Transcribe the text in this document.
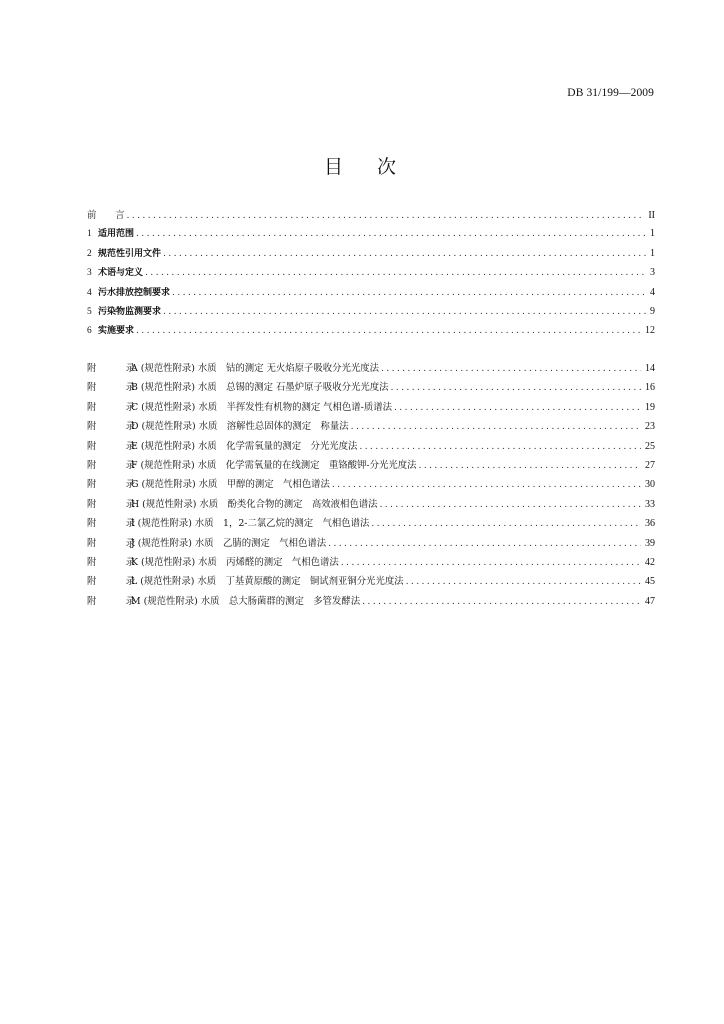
DB 31/199—2009
目次
前　　言 .....	II
1 适用范围 .....	1
2 规范性引用文件 .....	1
3 术语与定义 .....	3
4 污水排放控制要求 .....	4
5 污染物监测要求 .....	9
6 实施要求 .....	12
附　录A (规范性附录) 水质　钴的测定 无火焰原子吸收分光光度法 .....	14
附　录B (规范性附录) 水质　总锡的测定 石墨炉原子吸收分光光度法 .....	16
附　录C (规范性附录) 水质　半挥发性有机物的测定 气相色谱-质谱法 .....	19
附　录D (规范性附录) 水质　溶解性总固体的测定　称量法 .....	23
附　录E (规范性附录) 水质　化学需氧量的测定　分光光度法 .....	25
附　录F (规范性附录) 水质　化学需氧量的在线测定　重铬酸钾-分光光度法 .....	27
附　录G (规范性附录) 水质　甲醇的测定　气相色谱法 .....	30
附　录H (规范性附录) 水质　酚类化合物的测定　高效液相色谱法 .....	33
附　录I (规范性附录) 水质　1，2-二氯乙烷的测定　气相色谱法 .....	36
附　录J (规范性附录) 水质　乙腈的测定　气相色谱法 .....	39
附　录K (规范性附录) 水质　丙烯醛的测定　气相色谱法 .....	42
附　录L (规范性附录) 水质　丁基黄原酸的测定　铜试剂亚铜分光光度法 .....	45
附　录M (规范性附录) 水质　总大肠菌群的测定　多管发酵法 .....	47
